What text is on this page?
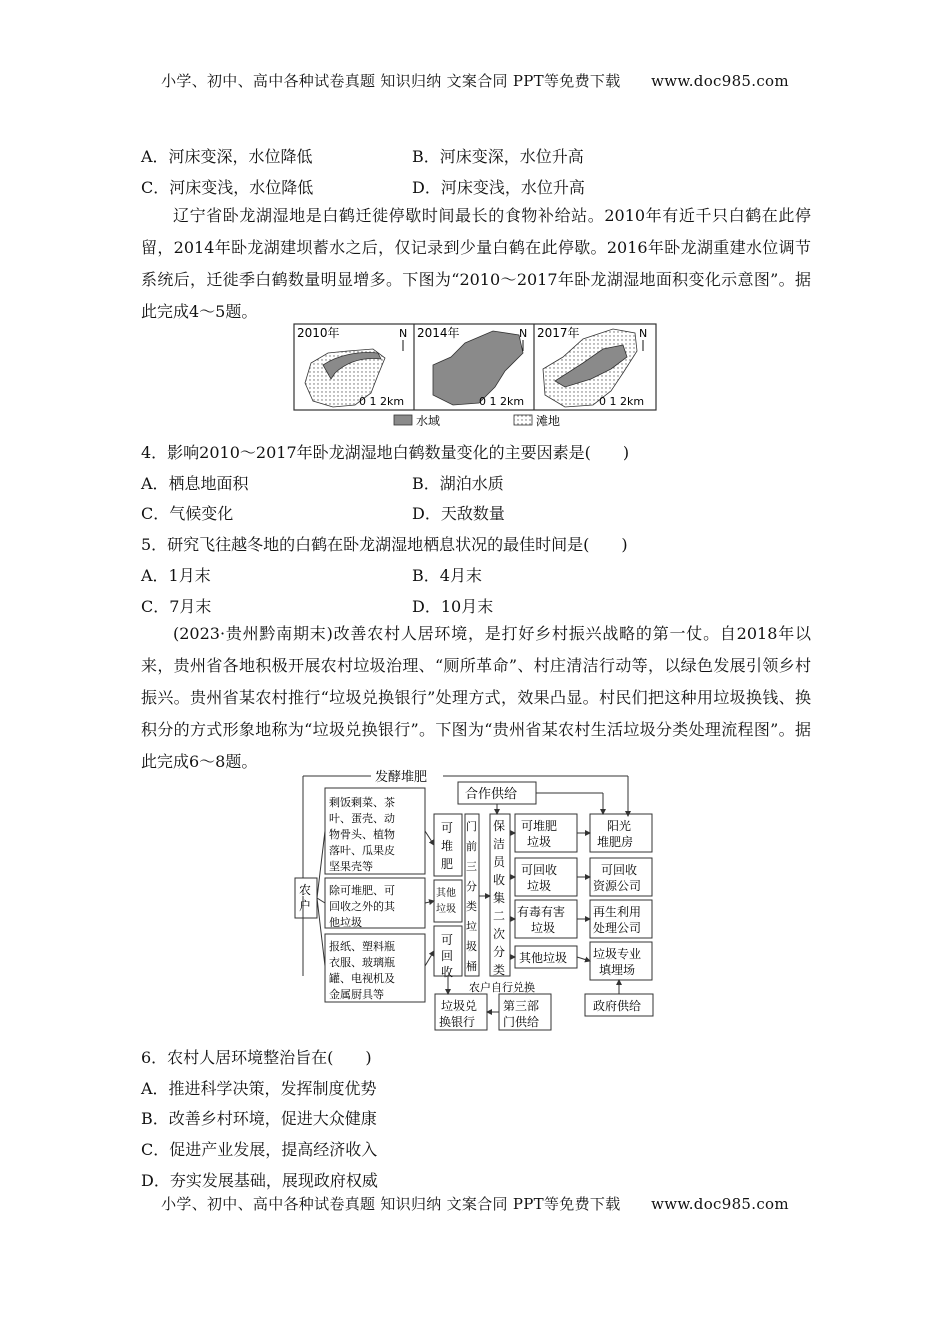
小学、初中、高中各种试卷真题 知识归纳 文案合同 PPT等免费下载　　www.doc985.com
A．河床变深，水位降低	B．河床变深，水位升高
C．河床变浅，水位降低	D．河床变浅，水位升高

辽宁省卧龙湖湿地是白鹤迁徙停歇时间最长的食物补给站。2010年有近千只白鹤在此停留，2014年卧龙湖建坝蓄水之后，仅记录到少量白鹤在此停歇。2016年卧龙湖重建水位调节系统后，迁徙季白鹤数量明显增多。下图为“2010～2017年卧龙湖湿地面积变化示意图”。据此完成4～5题。

2010年	N
0 1 2km
2014年	N
0 1 2km
2017年	N
0 1 2km
水域	滩地
4．影响2010～2017年卧龙湖湿地白鹤数量变化的主要因素是(　　)
A．栖息地面积	B．湖泊水质
C．气候变化	D．天敌数量
5．研究飞往越冬地的白鹤在卧龙湖湿地栖息状况的最佳时间是(　　)
A．1月末	B．4月末
C．7月末	D．10月末

(2023·贵州黔南期末)改善农村人居环境，是打好乡村振兴战略的第一仗。自2018年以来，贵州省各地积极开展农村垃圾治理、“厕所革命”、村庄清洁行动等，以绿色发展引领乡村振兴。贵州省某农村推行“垃圾兑换银行”处理方式，效果凸显。村民们把这种用垃圾换钱、换积分的方式形象地称为“垃圾兑换银行”。下图为“贵州省某农村生活垃圾分类处理流程图”。据此完成6～8题。

发酵堆肥
合作供给
农户
剩饭剩菜、茶叶、蛋壳、动物骨头、植物落叶、瓜果皮坚果壳等
除可堆肥、可回收之外的其他垃圾
报纸、塑料瓶衣服、玻璃瓶罐、电视机及金属厨具等
可堆肥
其他垃圾
可回收
门前三分类垃圾桶
保洁员收集二次分类
可堆肥垃圾
可回收垃圾
有毒有害垃圾
其他垃圾
阳光堆肥房
可回收资源公司
再生利用处理公司
垃圾专业填埋场
农户自行兑换
垃圾兑换银行
第三部门供给
政府供给
6．农村人居环境整治旨在(　　)
A．推进科学决策，发挥制度优势
B．改善乡村环境，促进大众健康
C．促进产业发展，提高经济收入
D．夯实发展基础，展现政府权威
小学、初中、高中各种试卷真题 知识归纳 文案合同 PPT等免费下载　　www.doc985.com
